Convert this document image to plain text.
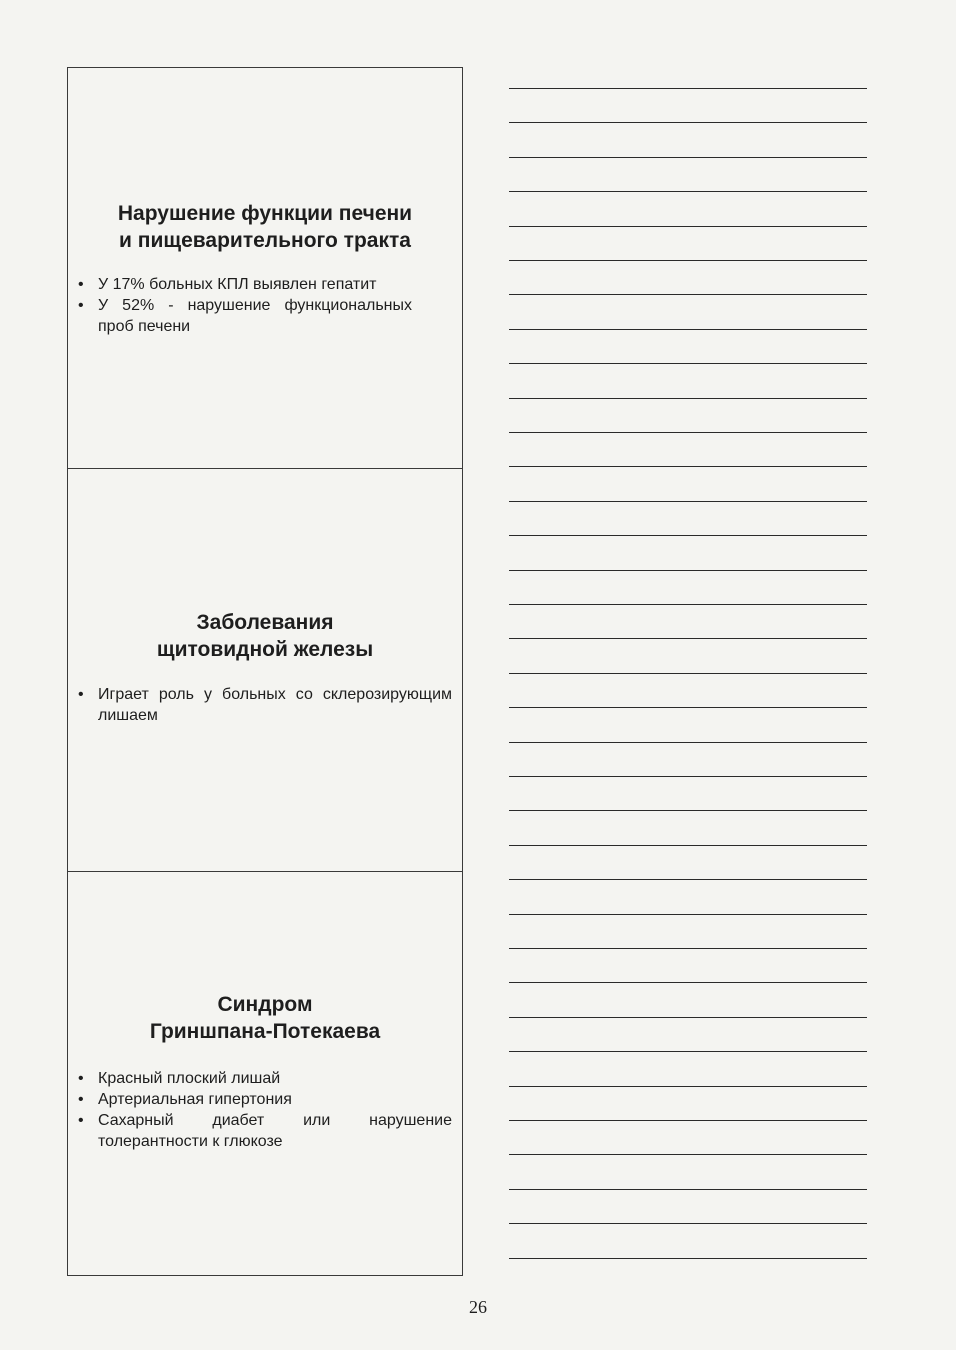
Нарушение функции печени
и пищеварительного тракта
• У 17% больных КПЛ выявлен гепатит
• У 52% - нарушение функциональных проб печени
Заболевания
щитовидной железы
• Играет роль у больных со склерозирующим лишаем
Синдром
Гриншпана-Потекаева
• Красный плоский лишай
• Артериальная гипертония
• Сахарный диабет или нарушение толерантности к глюкозе
26
